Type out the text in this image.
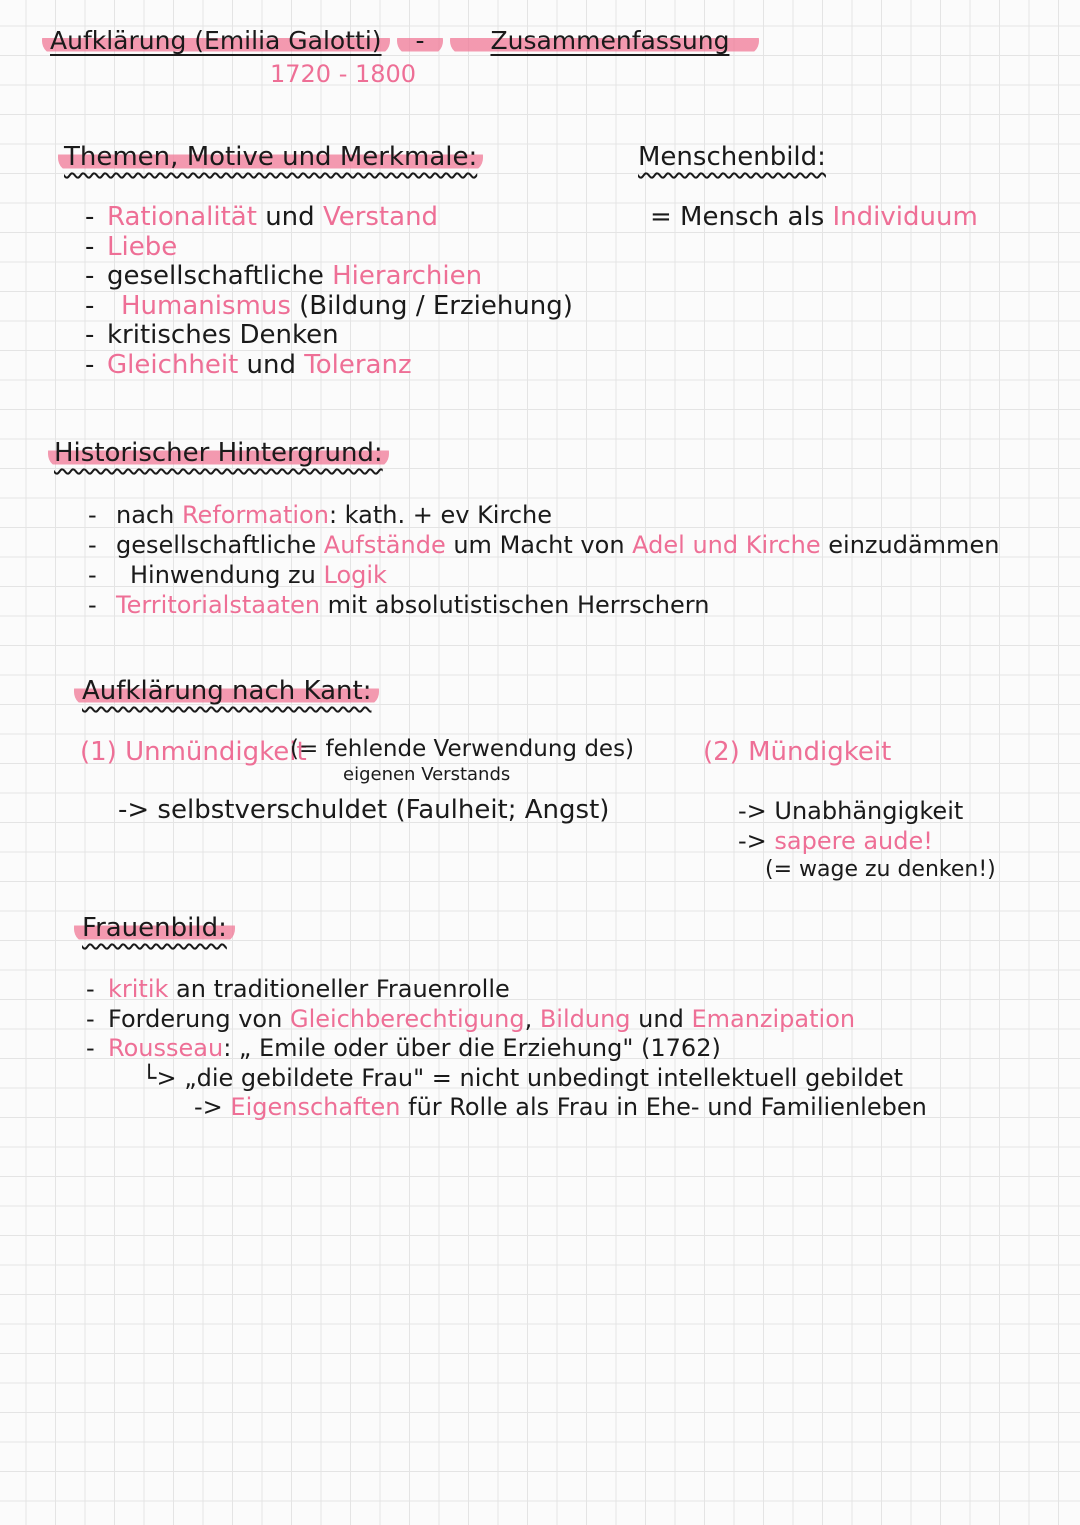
Aufklärung (Emilia Galotti) -	Zusammenfassung
1720 - 1800
Themen, Motive und Merkmale:
- Rationalität und Verstand
- Liebe
- gesellschaftliche Hierarchien
- Humanismus (Bildung / Erziehung)
- kritisches Denken
- Gleichheit und Toleranz
Menschenbild:
= Mensch als Individuum
Historischer Hintergrund:
- nach Reformation: kath. + ev Kirche
- gesellschaftliche Aufstände um Macht von Adel und Kirche einzudämmen
- Hinwendung zu Logik
- Territorialstaaten mit absolutistischen Herrschern
Aufklärung nach Kant:
(1) Unmündigkeit
(= fehlende Verwendung des)
eigenen Verstands
-> selbstverschuldet (Faulheit; Angst)
(2) Mündigkeit
-> Unabhängigkeit
-> sapere aude!
(= wage zu denken!)
Frauenbild:
- kritik an traditioneller Frauenrolle
- Forderung von Gleichberechtigung, Bildung und Emanzipation
- Rousseau: „ Emile oder über die Erziehung" (1762)
└> „die gebildete Frau" = nicht unbedingt intellektuell gebildet
-> Eigenschaften für Rolle als Frau in Ehe- und Familienleben
